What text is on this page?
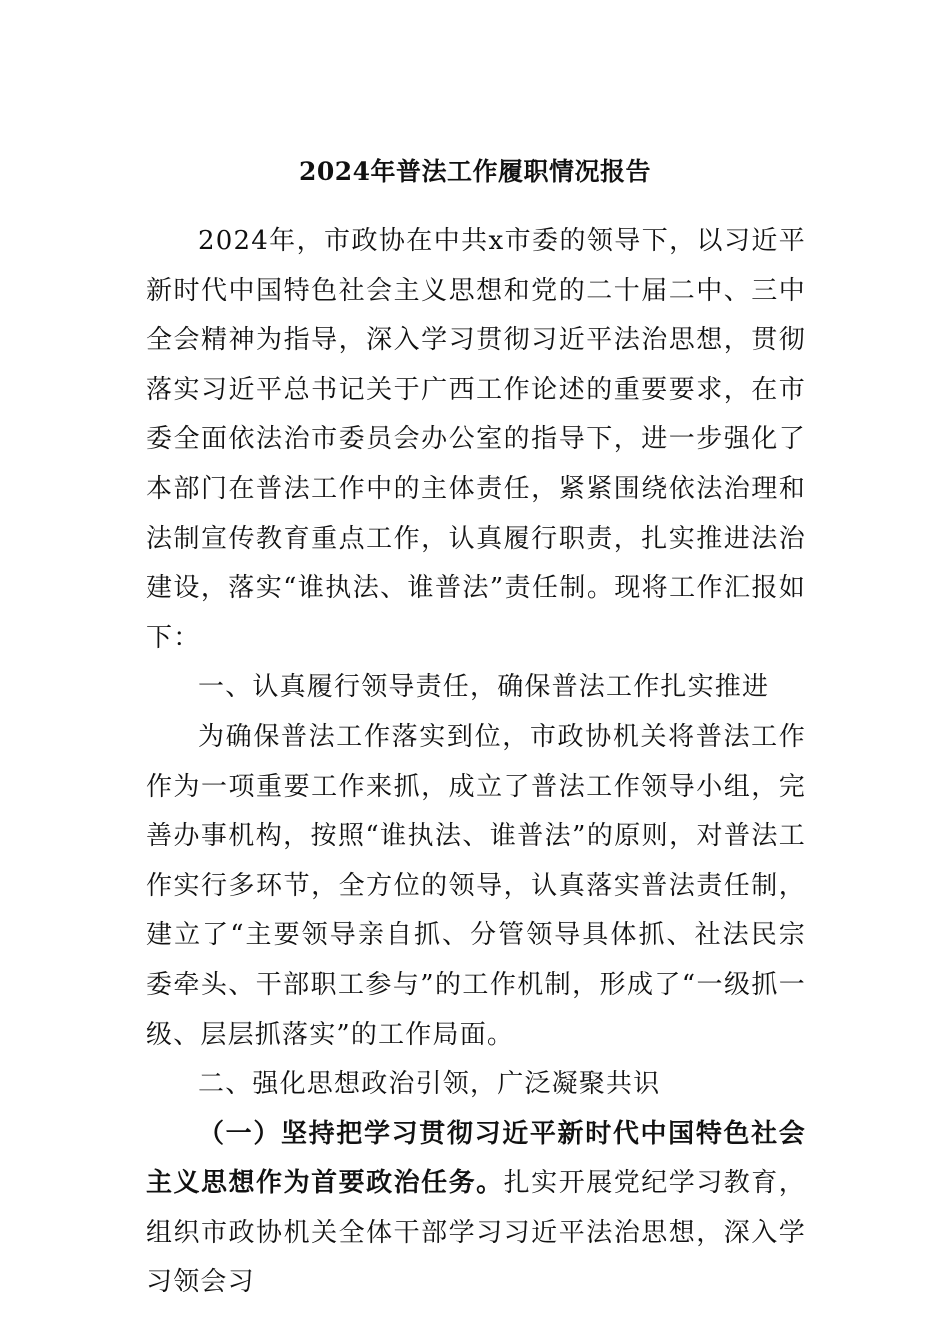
2024年普法工作履职情况报告

2024年，市政协在中共x市委的领导下，以习近平新时代中国特色社会主义思想和党的二十届二中、三中全会精神为指导，深入学习贯彻习近平法治思想，贯彻落实习近平总书记关于广西工作论述的重要要求，在市委全面依法治市委员会办公室的指导下，进一步强化了本部门在普法工作中的主体责任，紧紧围绕依法治理和法制宣传教育重点工作，认真履行职责，扎实推进法治建设，落实“谁执法、谁普法”责任制。现将工作汇报如下：

一、认真履行领导责任，确保普法工作扎实推进

为确保普法工作落实到位，市政协机关将普法工作作为一项重要工作来抓，成立了普法工作领导小组，完善办事机构，按照“谁执法、谁普法”的原则，对普法工作实行多环节，全方位的领导，认真落实普法责任制，建立了“主要领导亲自抓、分管领导具体抓、社法民宗委牵头、干部职工参与”的工作机制，形成了“一级抓一级、层层抓落实”的工作局面。

二、强化思想政治引领，广泛凝聚共识

（一）坚持把学习贯彻习近平新时代中国特色社会主义思想作为首要政治任务。扎实开展党纪学习教育，组织市政协机关全体干部学习习近平法治思想，深入学习领会习
